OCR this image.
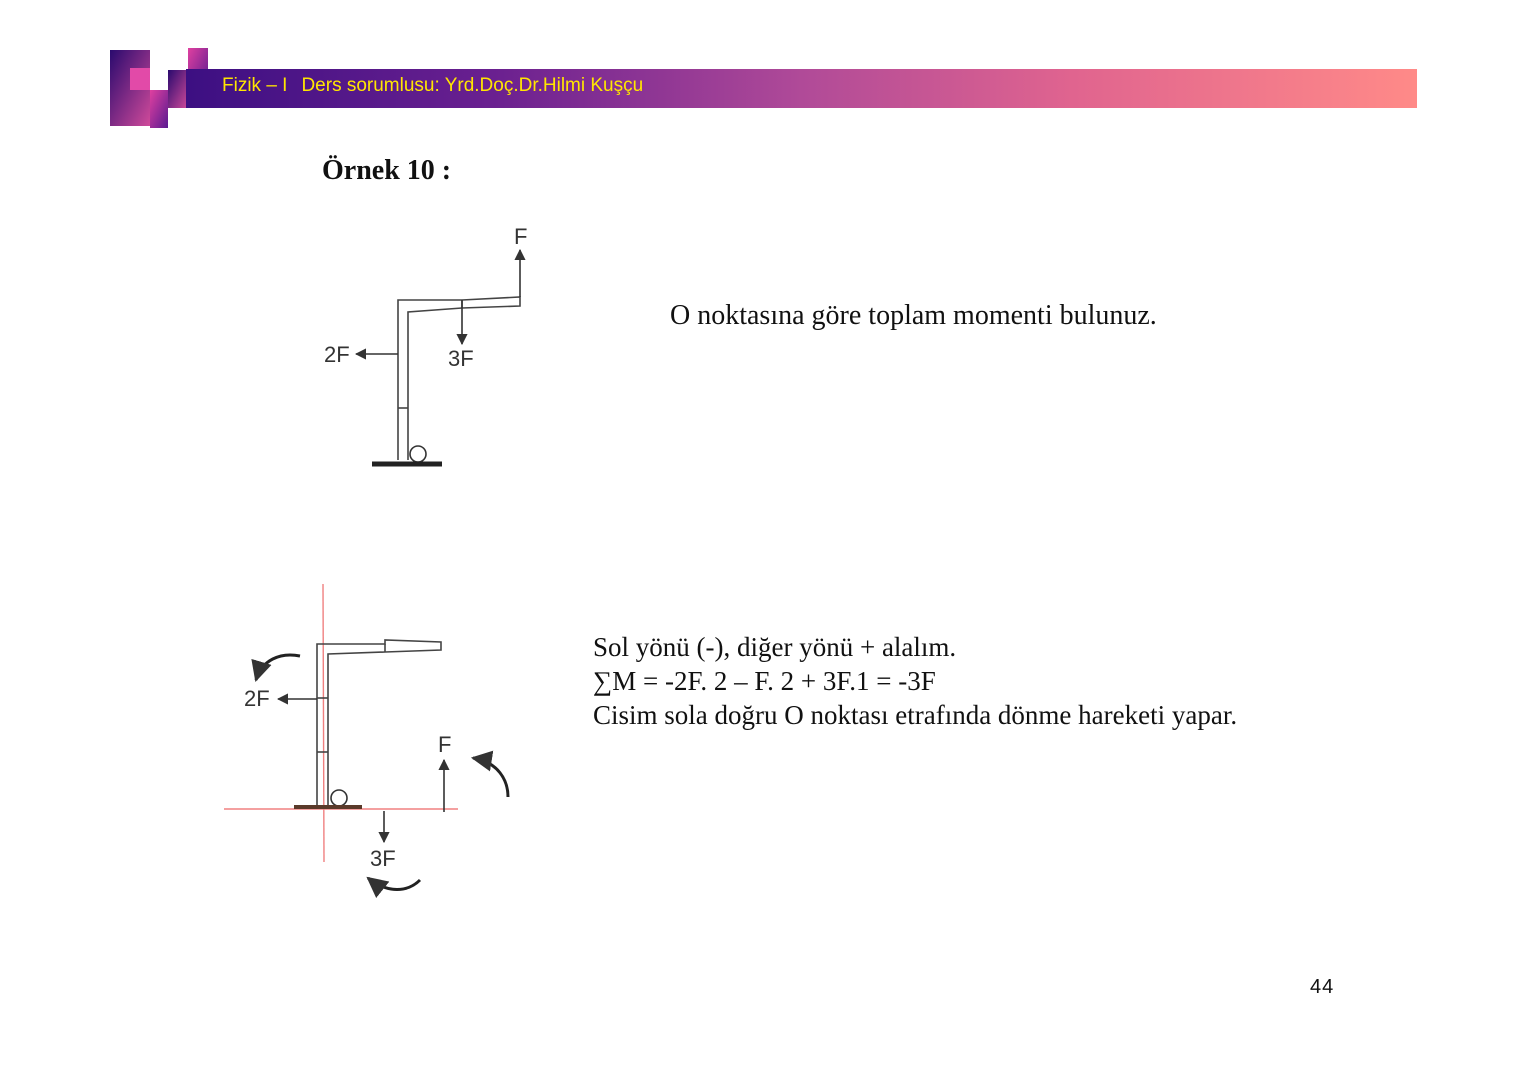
Fizik – I Ders sorumlusu: Yrd.Doç.Dr.Hilmi Kuşçu
Örnek 10 :
O noktasına göre toplam momenti bulunuz.
F
2F	3F
2F
F
3F
Sol yönü (-), diğer yönü + alalım.
∑M = -2F. 2 – F. 2 + 3F.1 = -3F
Cisim sola doğru O noktası etrafında dönme hareketi yapar.
44
